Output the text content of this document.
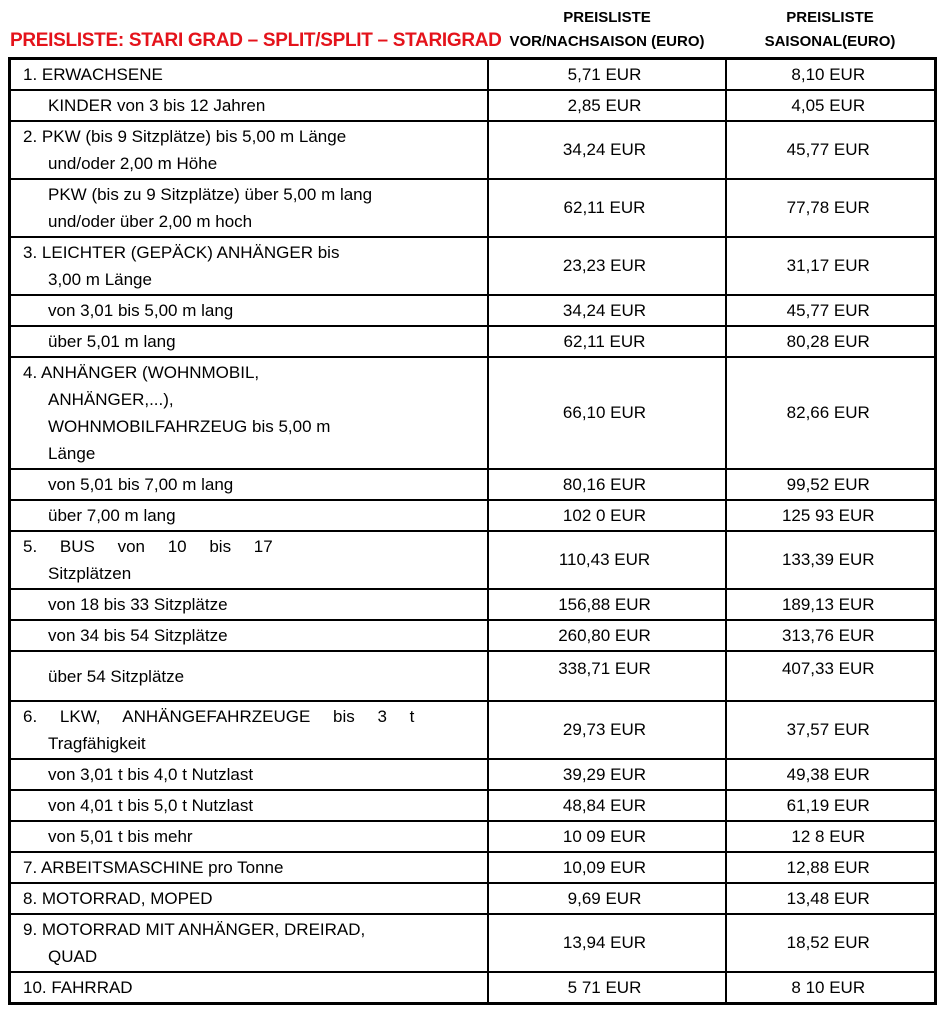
PREISLISTE: STARI GRAD – SPLIT/SPLIT – STARIGRAD
PREISLISTE
VOR/NACHSAISON (EURO)
PREISLISTE
SAISONAL(EURO)
1. ERWACHSENE	5,71 EUR	8,10 EUR

KINDER von 3 bis 12 Jahren	2,85 EUR	4,05 EUR

2. PKW (bis 9 Sitzplätze) bis 5,00 m Länge
und/oder 2,00 m Höhe	34,24 EUR	45,77 EUR

PKW (bis zu 9 Sitzplätze) über 5,00 m lang
und/oder über 2,00 m hoch	62,11 EUR	77,78 EUR

3. LEICHTER (GEPÄCK) ANHÄNGER bis
3,00 m Länge	23,23 EUR	31,17 EUR

von 3,01 bis 5,00 m lang	34,24 EUR	45,77 EUR

über 5,01 m lang	62,11 EUR	80,28 EUR

4. ANHÄNGER (WOHNMOBIL,
ANHÄNGER,...),
WOHNMOBILFAHRZEUG bis 5,00 m
Länge	66,10 EUR	82,66 EUR

von 5,01 bis 7,00 m lang	80,16 EUR	99,52 EUR

über 7,00 m lang	102 0 EUR	125 93 EUR

5. BUS von 10 bis 17
Sitzplätzen	110,43 EUR	133,39 EUR

von 18 bis 33 Sitzplätze	156,88 EUR	189,13 EUR

von 34 bis 54 Sitzplätze	260,80 EUR	313,76 EUR

über 54 Sitzplätze	338,71 EUR	407,33 EUR

6. LKW, ANHÄNGEFAHRZEUGE bis 3 t
Tragfähigkeit	29,73 EUR	37,57 EUR

von 3,01 t bis 4,0 t Nutzlast	39,29 EUR	49,38 EUR

von 4,01 t bis 5,0 t Nutzlast	48,84 EUR	61,19 EUR

von 5,01 t bis mehr	10 09 EUR	12 8 EUR

7. ARBEITSMASCHINE pro Tonne	10,09 EUR	12,88 EUR

8. MOTORRAD, MOPED	9,69 EUR	13,48 EUR

9. MOTORRAD MIT ANHÄNGER, DREIRAD,
QUAD	13,94 EUR	18,52 EUR

10. FAHRRAD	5 71 EUR	8 10 EUR
